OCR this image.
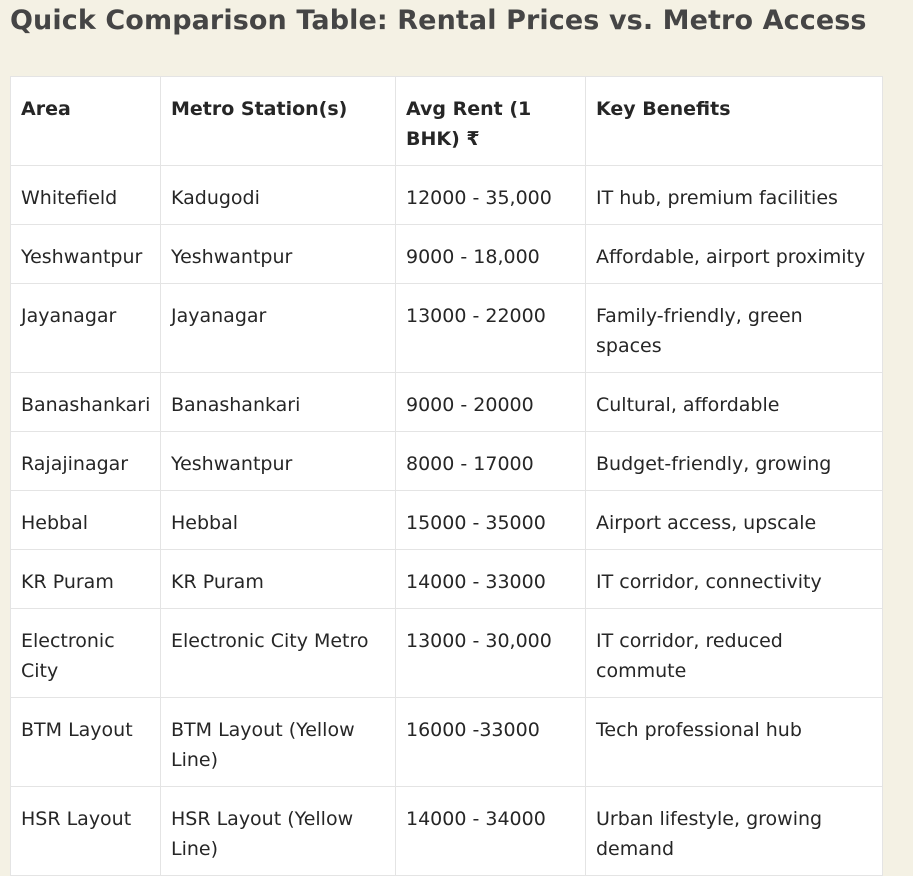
Quick Comparison Table: Rental Prices vs. Metro Access
Area	Metro Station(s)	Avg Rent (1 BHK) ₹	Key Benefits
Whitefield	Kadugodi	12000 - 35,000	IT hub, premium facilities
Yeshwantpur	Yeshwantpur	9000 - 18,000	Affordable, airport proximity
Jayanagar	Jayanagar	13000 - 22000	Family-friendly, green spaces
Banashankari	Banashankari	9000 - 20000	Cultural, affordable
Rajajinagar	Yeshwantpur	8000 - 17000	Budget-friendly, growing
Hebbal	Hebbal	15000 - 35000	Airport access, upscale
KR Puram	KR Puram	14000 - 33000	IT corridor, connectivity
Electronic City	Electronic City Metro	13000 - 30,000	IT corridor, reduced commute
BTM Layout	BTM Layout (Yellow Line)	16000 -33000	Tech professional hub
HSR Layout	HSR Layout (Yellow Line)	14000 - 34000	Urban lifestyle, growing demand
